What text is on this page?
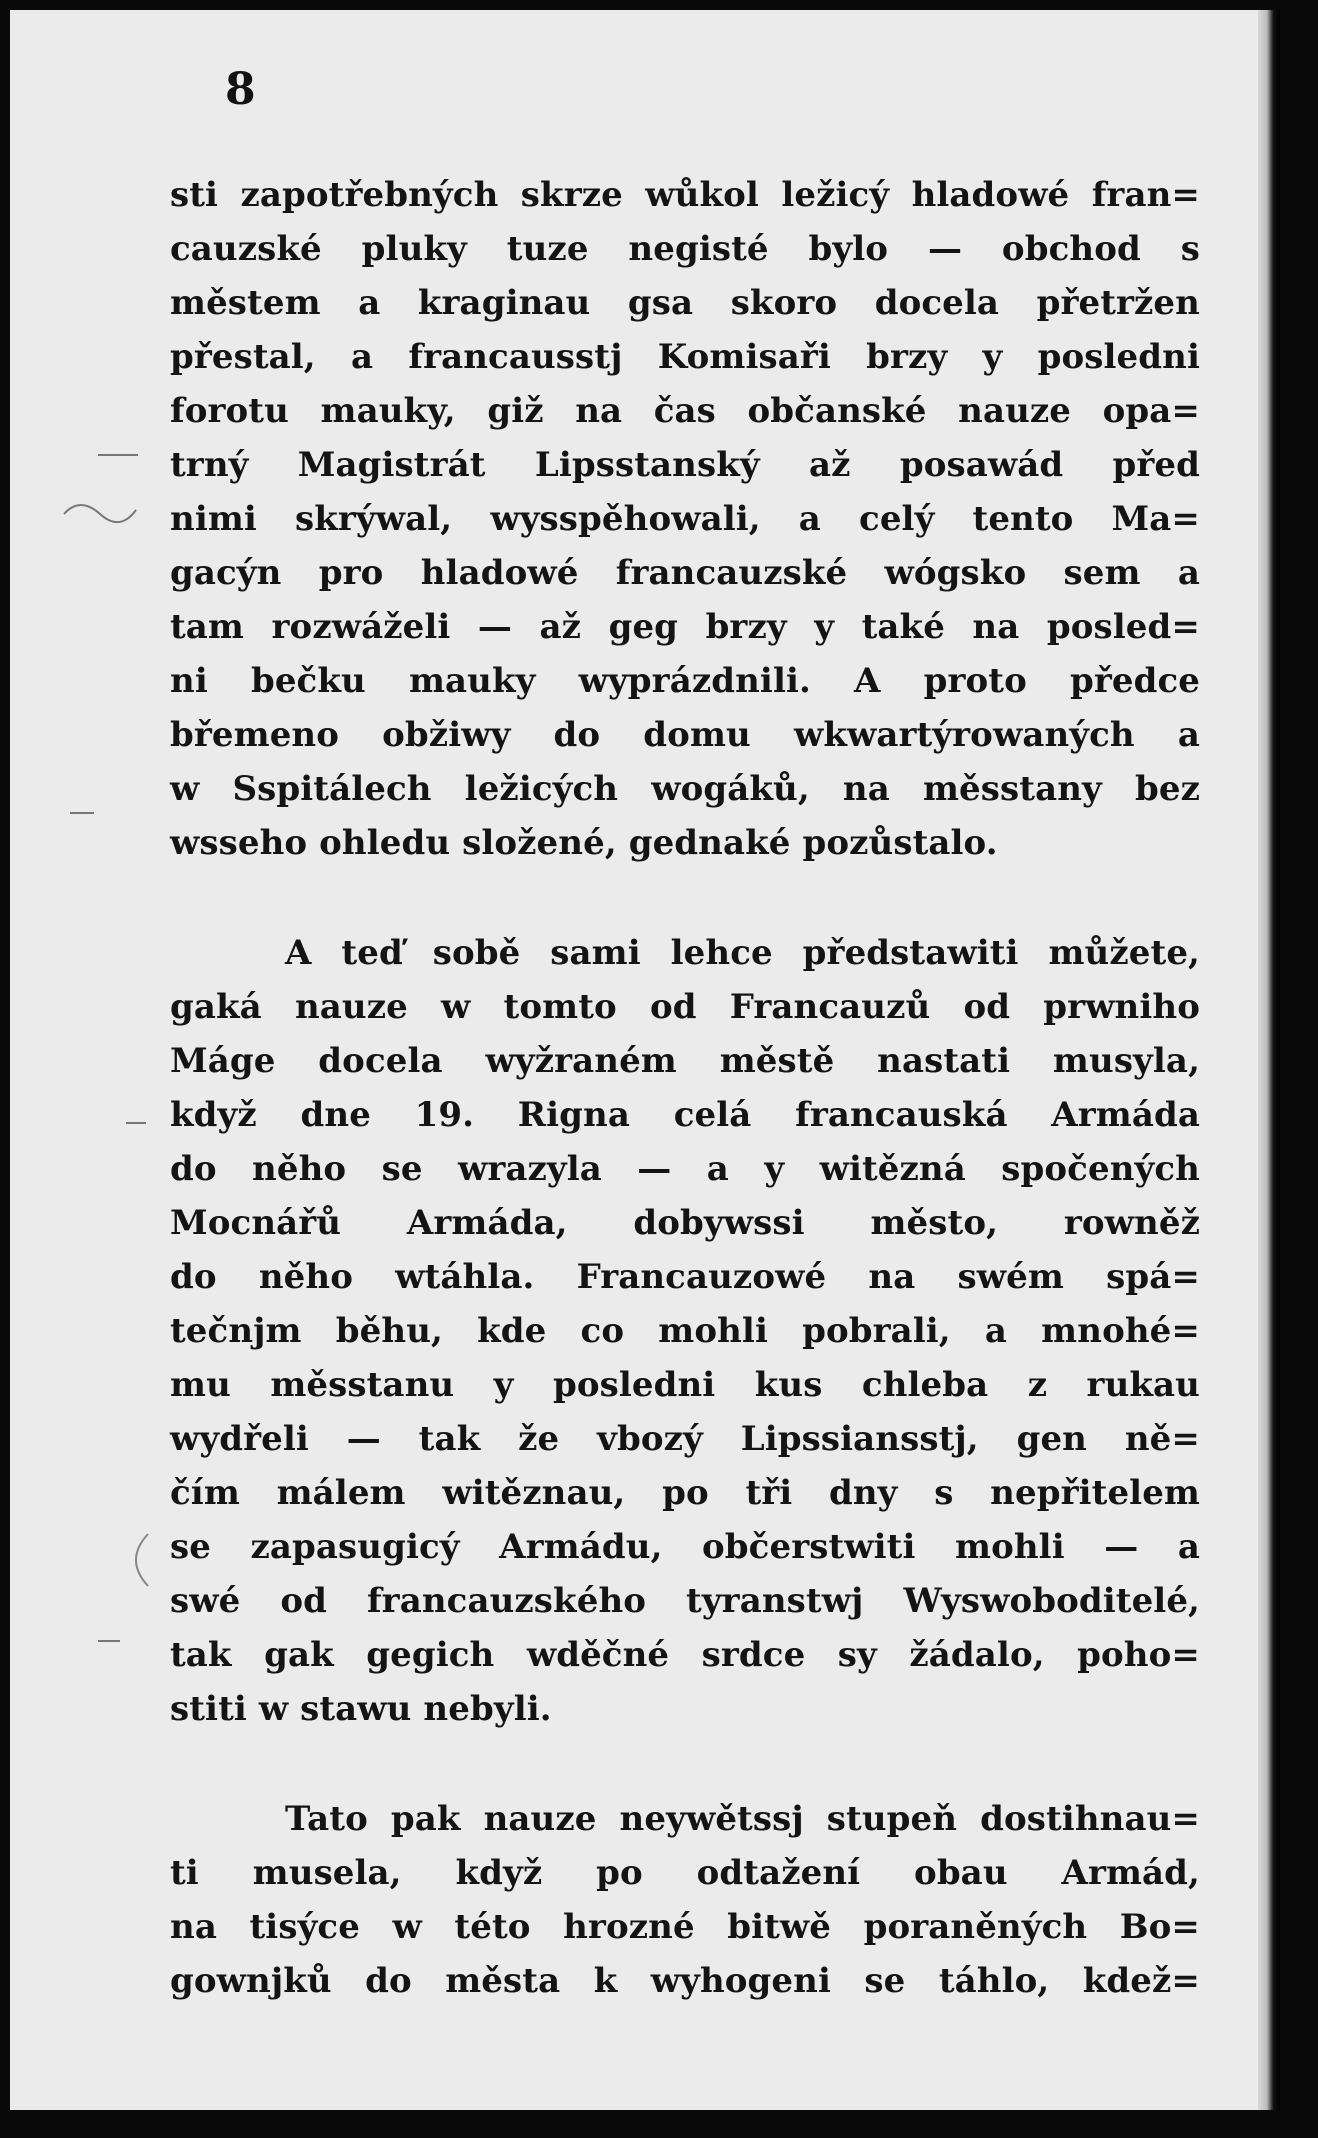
8

sti zapotřebných skrze wůkol ležicý hladowé fran=
cauzské pluky tuze negisté bylo — obchod s
městem a kraginau gsa skoro docela přetržen
přestal, a francausstj Komisaři brzy y posledni
forotu mauky, giž na čas občanské nauze opa=
trný Magistrát Lipsstanský až posawád před
nimi skrýwal, wysspěhowali, a celý tento Ma=
gacýn pro hladowé francauzské wógsko sem a
tam rozwáželi — až geg brzy y také na posled=
ni bečku mauky wyprázdnili. A proto předce
břemeno obžiwy do domu wkwartýrowaných a
w Sspitálech ležicých wogáků, na měsstany bez
wsseho ohledu složené, gednaké pozůstalo.

A teď sobě sami lehce předstawiti můžete,
gaká nauze w tomto od Francauzů od prwniho
Máge docela wyžraném městě nastati musyla,
když dne 19. Rigna celá francauská Armáda
do něho se wrazyla — a y witězná spočených
Mocnářů Armáda, dobywssi město, rowněž
do něho wtáhla. Francauzowé na swém spá=
tečnjm běhu, kde co mohli pobrali, a mnohé=
mu měsstanu y posledni kus chleba z rukau
wydřeli — tak že vbozý Lipssiansstj, gen ně=
čím málem witěznau, po tři dny s nepřitelem
se zapasugicý Armádu, občerstwiti mohli — a
swé od francauzského tyranstwj Wyswoboditelé,
tak gak gegich wděčné srdce sy žádalo, poho=
stiti w stawu nebyli.

Tato pak nauze neywětssj stupeň dostihnau=
ti musela, když po odtažení obau Armád,
na tisýce w této hrozné bitwě poraněných Bo=
gownjků do města k wyhogeni se táhlo, kdež=
